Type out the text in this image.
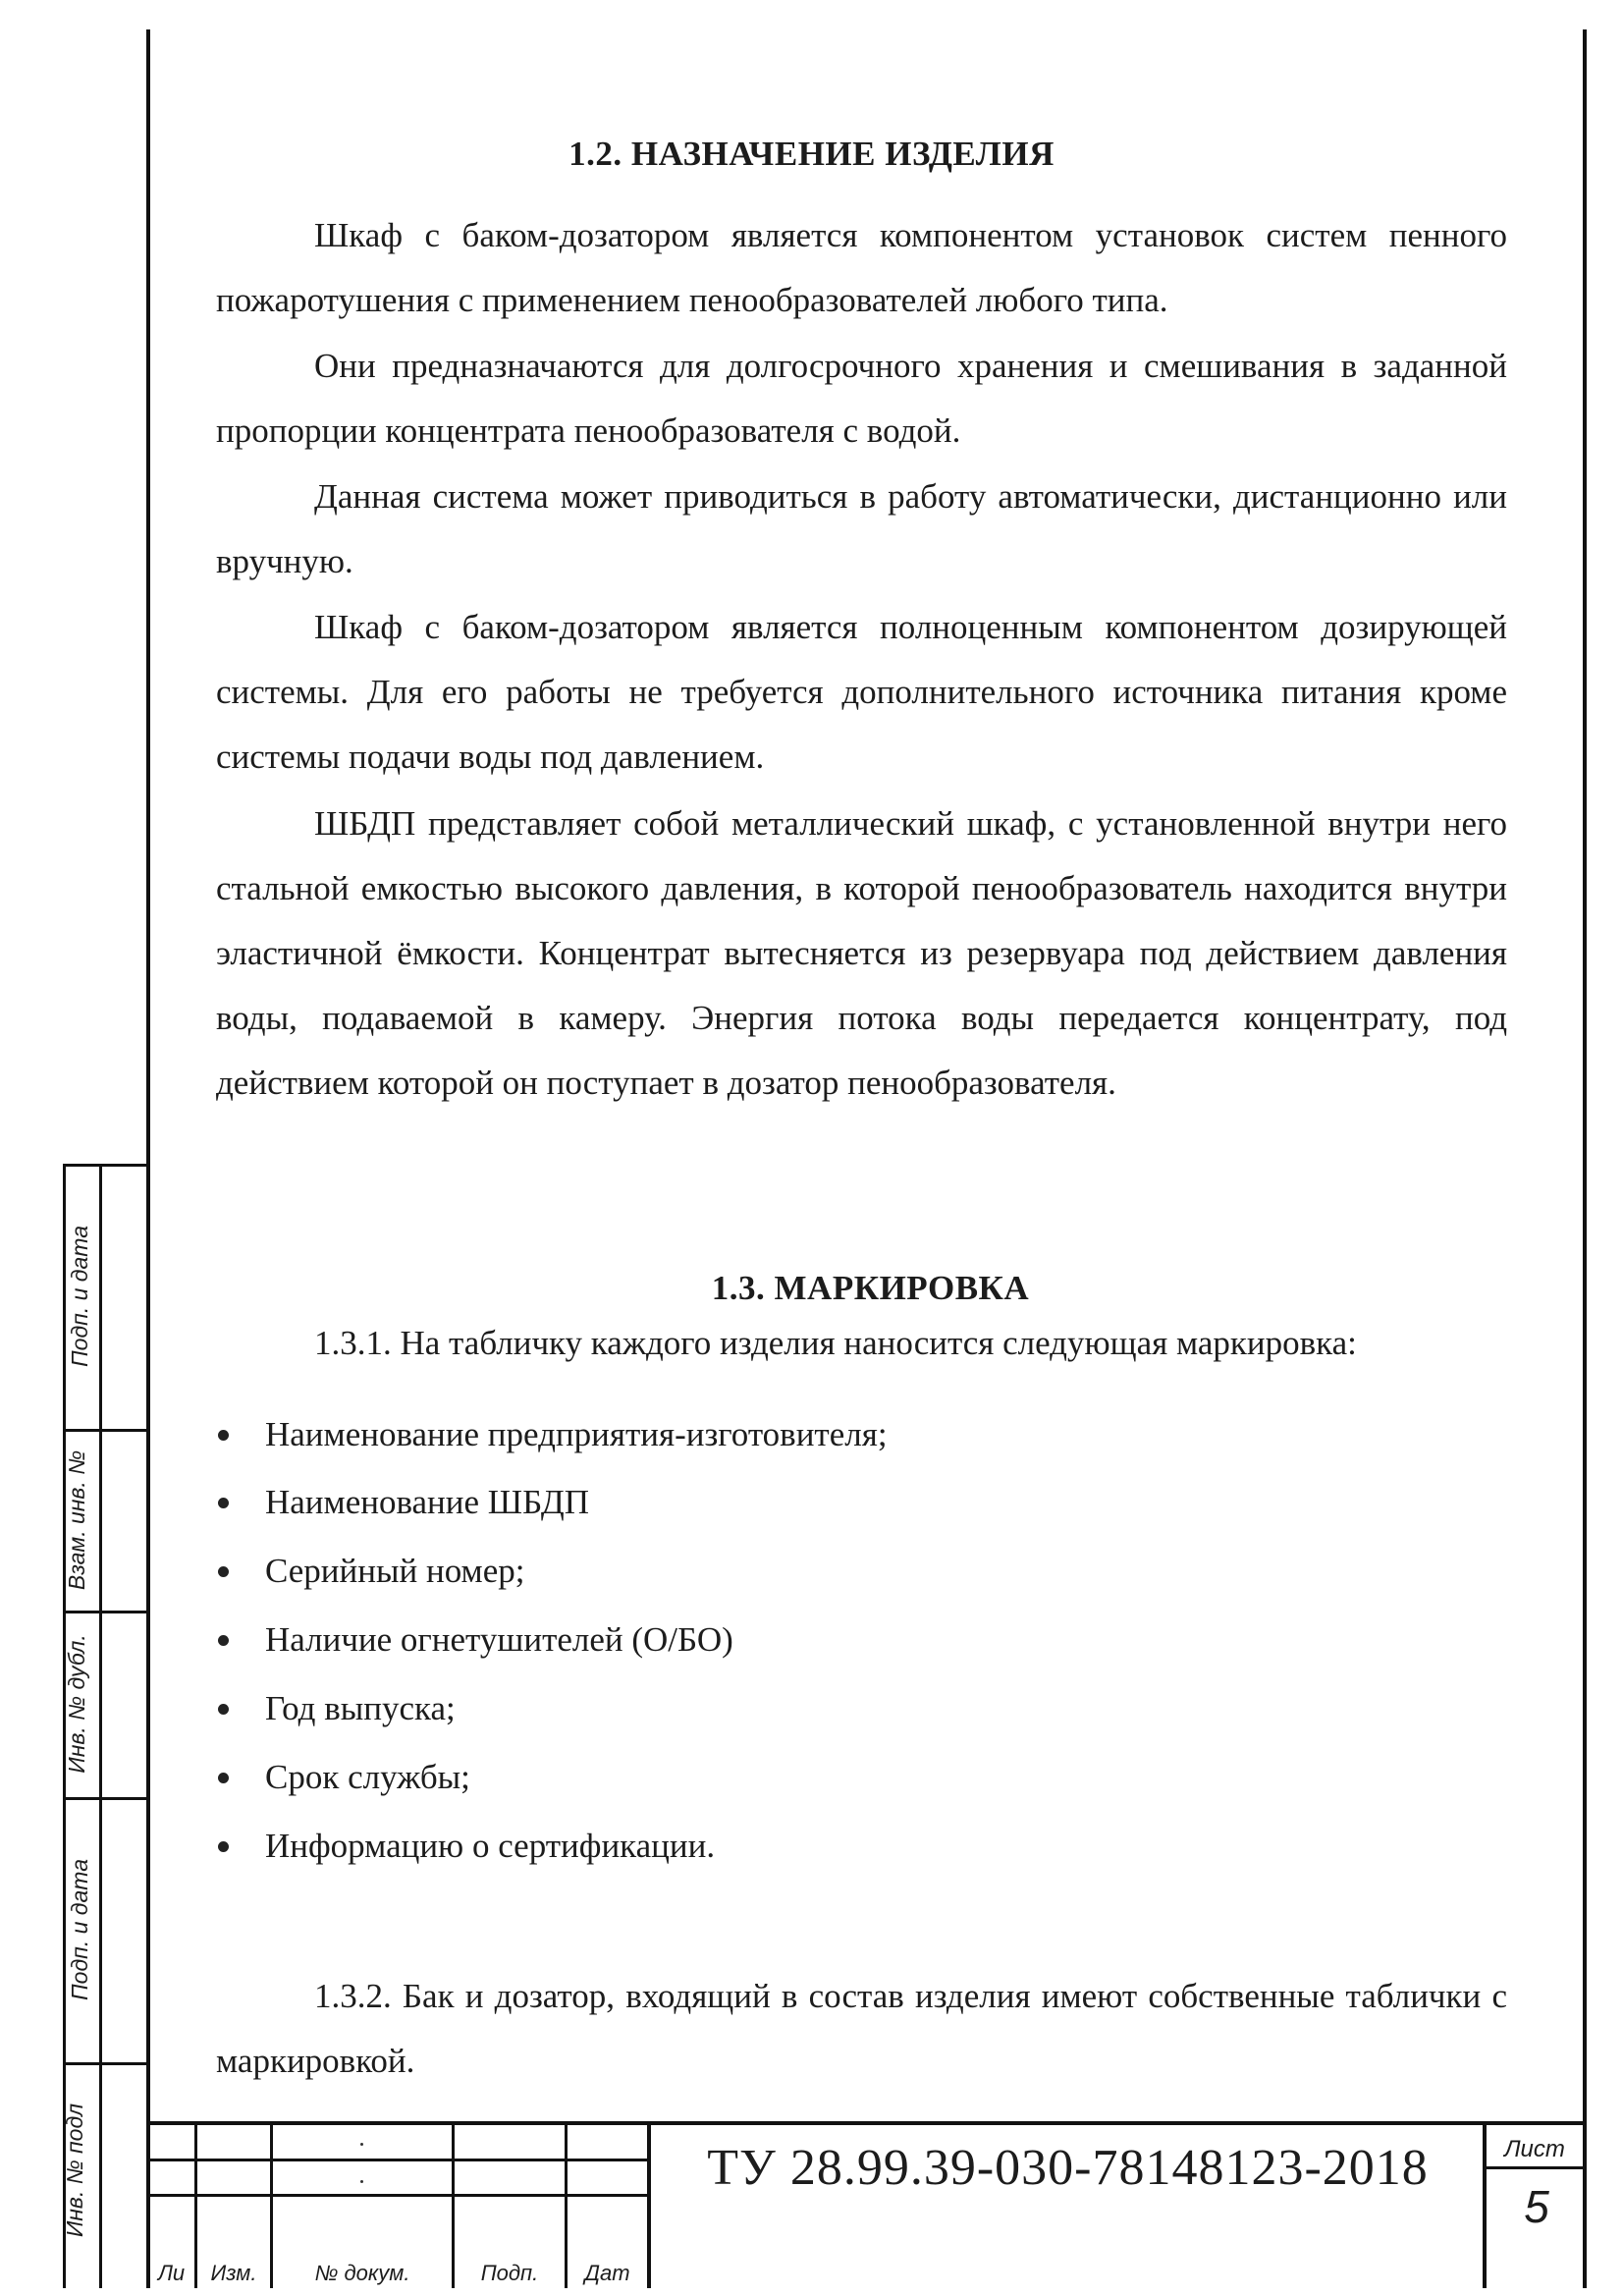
Подп. и дата
Взам. инв. №
Инв. № дубл.
Подп. и дата
Инв. № подл
1.2. НАЗНАЧЕНИЕ ИЗДЕЛИЯ
Шкаф с баком-дозатором является компонентом установок систем пенного пожаротушения с применением пенообразователей любого типа.
Они предназначаются для долгосрочного хранения и смешивания в заданной пропорции концентрата пенообразователя с водой.
Данная система может приводиться в работу автоматически, дистанционно или вручную.
Шкаф с баком-дозатором является полноценным компонентом дозирующей системы. Для его работы не требуется дополнительного источника питания кроме системы подачи воды под давлением.
ШБДП представляет собой металлический шкаф, с установленной внутри него стальной емкостью высокого давления, в которой пенообразователь находится внутри эластичной ёмкости. Концентрат вытесняется из резервуара под действием давления воды, подаваемой в камеру. Энергия потока воды передается концентрату, под действием которой он поступает в дозатор пенообразователя.
1.3. МАРКИРОВКА
1.3.1. На табличку каждого изделия наносится следующая маркировка:
Наименование предприятия-изготовителя;
Наименование ШБДП
Серийный номер;
Наличие огнетушителей (О/БО)
Год выпуска;
Срок службы;
Информацию о сертификации.
1.3.2. Бак и дозатор, входящий в состав изделия имеют собственные таблички с маркировкой.
Ли	Изм.	№ докум.	Подп.	Дат
ТУ 28.99.39-030-78148123-2018	Лист
5
